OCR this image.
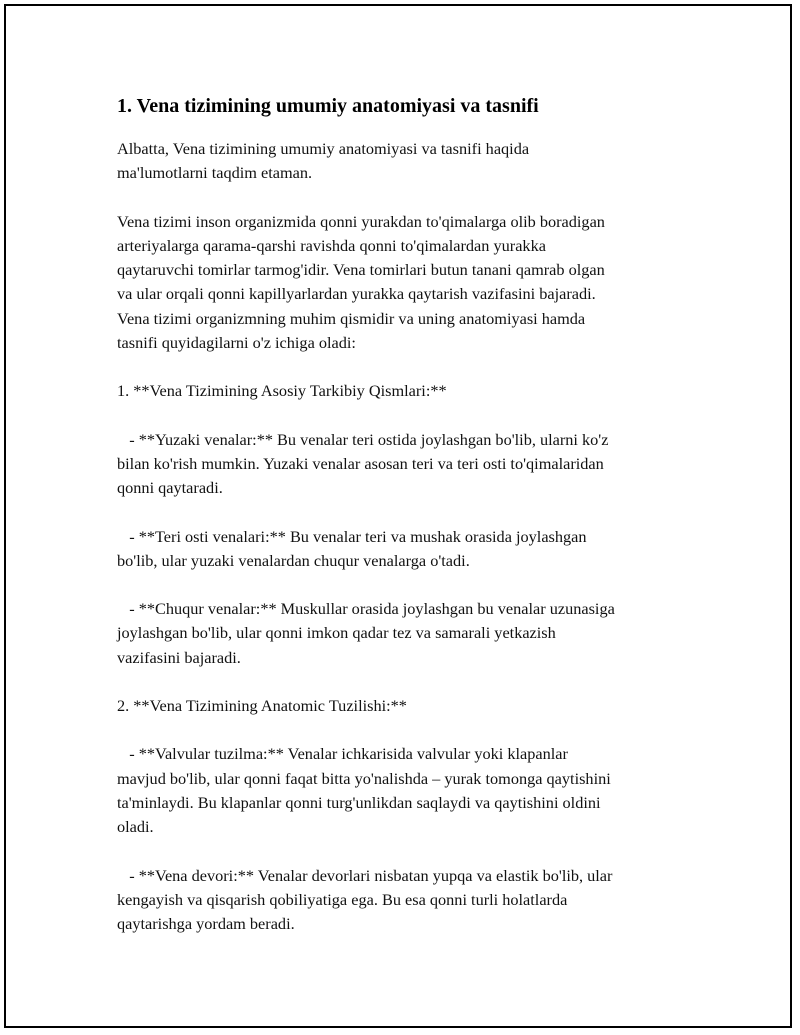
1. Vena tizimining umumiy anatomiyasi va tasnifi

Albatta, Vena tizimining umumiy anatomiyasi va tasnifi haqida
ma'lumotlarni taqdim etaman.

Vena tizimi inson organizmida qonni yurakdan to'qimalarga olib boradigan
arteriyalarga qarama-qarshi ravishda qonni to'qimalardan yurakka
qaytaruvchi tomirlar tarmog'idir. Vena tomirlari butun tanani qamrab olgan
va ular orqali qonni kapillyarlardan yurakka qaytarish vazifasini bajaradi.
Vena tizimi organizmning muhim qismidir va uning anatomiyasi hamda
tasnifi quyidagilarni o'z ichiga oladi:

1. **Vena Tizimining Asosiy Tarkibiy Qismlari:**

- **Yuzaki venalar:** Bu venalar teri ostida joylashgan bo'lib, ularni ko'z
bilan ko'rish mumkin. Yuzaki venalar asosan teri va teri osti to'qimalaridan
qonni qaytaradi.

- **Teri osti venalari:** Bu venalar teri va mushak orasida joylashgan
bo'lib, ular yuzaki venalardan chuqur venalarga o'tadi.

- **Chuqur venalar:** Muskullar orasida joylashgan bu venalar uzunasiga
joylashgan bo'lib, ular qonni imkon qadar tez va samarali yetkazish
vazifasini bajaradi.

2. **Vena Tizimining Anatomic Tuzilishi:**

- **Valvular tuzilma:** Venalar ichkarisida valvular yoki klapanlar
mavjud bo'lib, ular qonni faqat bitta yo'nalishda – yurak tomonga qaytishini
ta'minlaydi. Bu klapanlar qonni turg'unlikdan saqlaydi va qaytishini oldini
oladi.

- **Vena devori:** Venalar devorlari nisbatan yupqa va elastik bo'lib, ular
kengayish va qisqarish qobiliyatiga ega. Bu esa qonni turli holatlarda
qaytarishga yordam beradi.
